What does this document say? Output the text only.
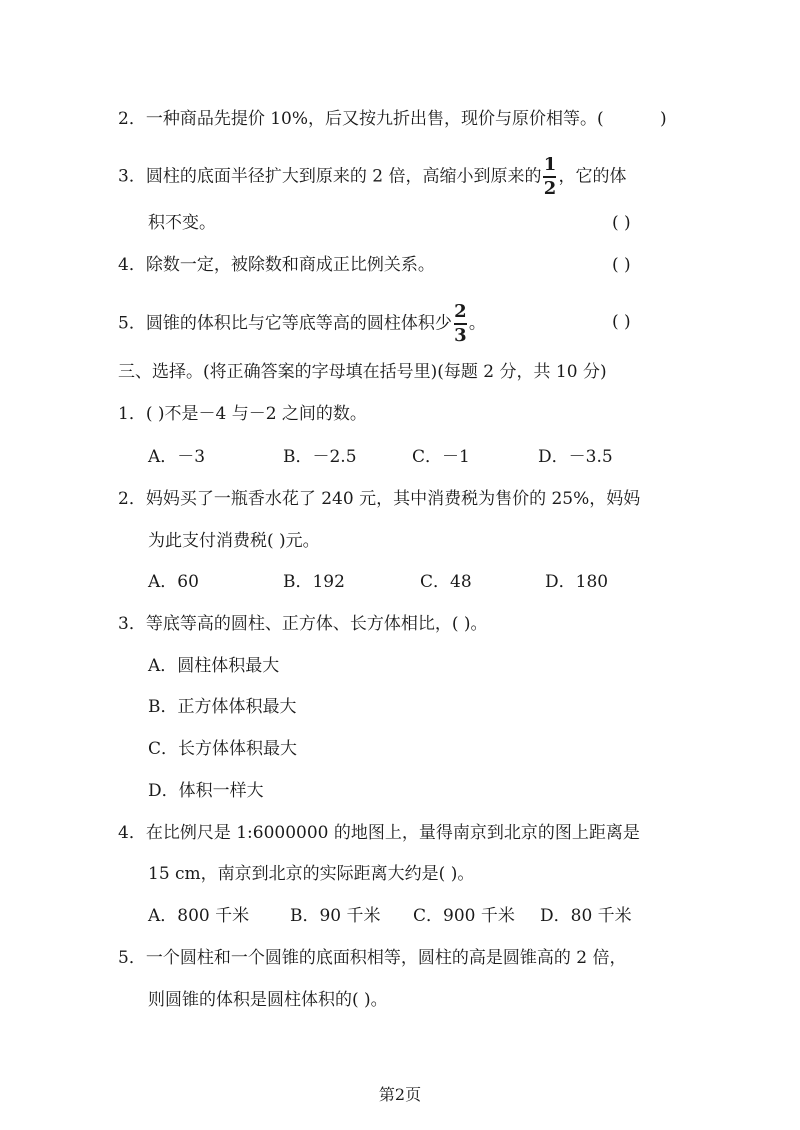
2．一种商品先提价 10%，后又按九折出售，现价与原价相等。(	)
3．圆柱的底面半径扩大到原来的 2 倍，高缩小到原来的 $\frac{1}{2}$ ，它的体
积不变。	( )
4．除数一定，被除数和商成正比例关系。	( )
5．圆锥的体积比与它等底等高的圆柱体积少 $\frac{2}{3}$ 。	( )
三、选择。(将正确答案的字母填在括号里)(每题 2 分，共 10 分)
1．( )不是－4 与－2 之间的数。
A．－3	B．－2.5	C．－1	D．－3.5
2．妈妈买了一瓶香水花了 240 元，其中消费税为售价的 25%，妈妈
为此支付消费税( )元。
A．60	B．192	C．48	D．180
3．等底等高的圆柱、正方体、长方体相比，( )。
A．圆柱体积最大
B．正方体体积最大
C．长方体体积最大
D．体积一样大
4．在比例尺是 1:6000000 的地图上，量得南京到北京的图上距离是
15 cm，南京到北京的实际距离大约是( )。
A．800 千米 B．90 千米 C．900 千米 D．80 千米
5．一个圆柱和一个圆锥的底面积相等，圆柱的高是圆锥高的 2 倍，
则圆锥的体积是圆柱体积的( )。
第2页
